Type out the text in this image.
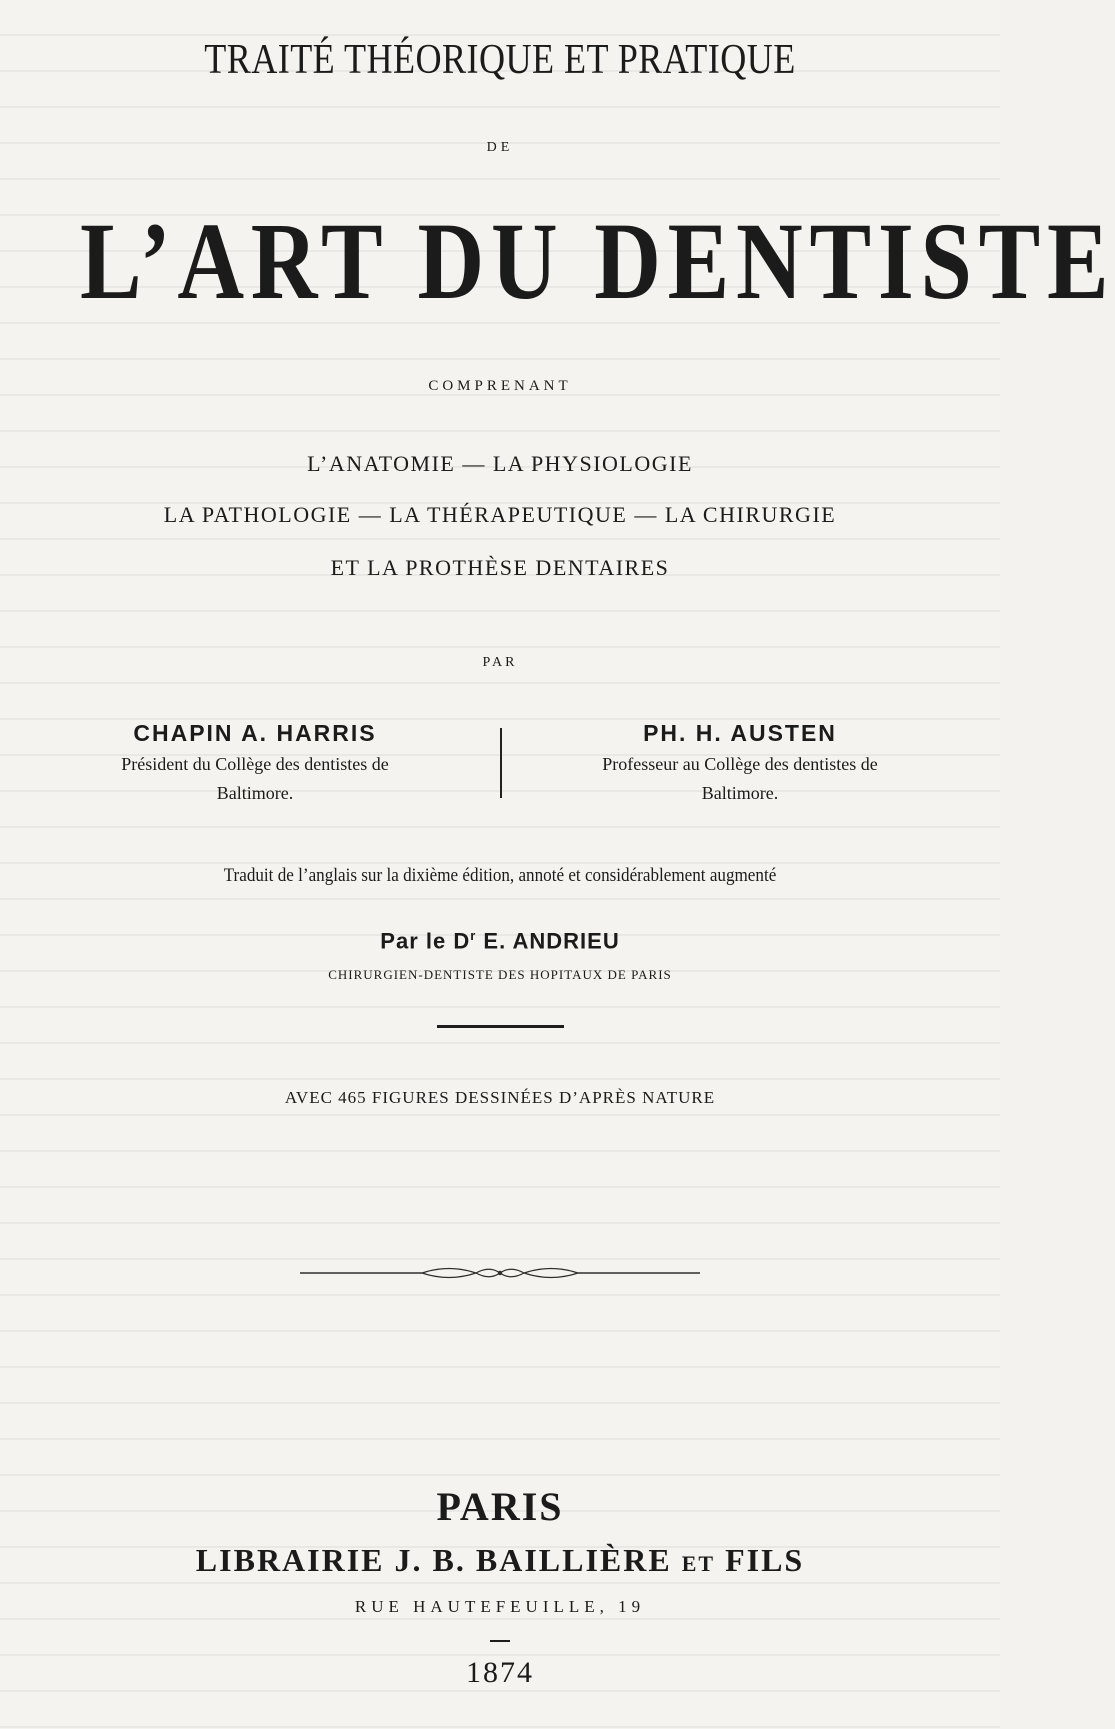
TRAITÉ THÉORIQUE ET PRATIQUE
DE
L’ART DU DENTISTE
COMPRENANT
L’ANATOMIE — LA PHYSIOLOGIE
LA PATHOLOGIE — LA THÉRAPEUTIQUE — LA CHIRURGIE
ET LA PROTHÈSE DENTAIRES
PAR
CHAPIN A. HARRIS
Président du Collège des dentistes de
Baltimore.
PH. H. AUSTEN
Professeur au Collège des dentistes de
Baltimore.
Traduit de l’anglais sur la dixième édition, annoté et considérablement augmenté
Par le $D^r$ E. ANDRIEU
CHIRURGIEN-DENTISTE DES HOPITAUX DE PARIS
AVEC 465 FIGURES DESSINÉES D’APRÈS NATURE
PARIS
LIBRAIRIE J. B. BAILLIÈRE ET FILS
RUE HAUTEFEUILLE, 19
1874
